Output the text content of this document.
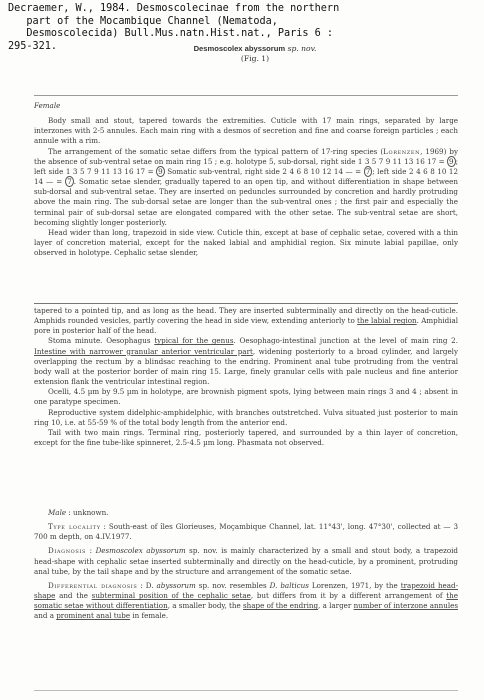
Decraemer, W., 1984. Desmoscolecinae from the northern
part of the Mocambique Channel (Nematoda,
Desmoscolecida) Bull.Mus.natn.Hist.nat., Paris 6 :
295-321.	Desmoscolex abyssorum sp. nov.
(Fig. 1)

Female

Body small and stout, tapered towards the extremities. Cuticle with 17 main rings, separated by large interzones with 2-5 annules. Each main ring with a desmos of secretion and fine and coarse foreign particles ; each annule with a rim.

The arrangement of the somatic setae differs from the typical pattern of 17-ring species (Lorenzen, 1969) by the absence of sub-ventral setae on main ring 15 ; e.g. holotype 5, sub-dorsal, right side 1 3 5 7 9 11 13 16 17 = 9 ; left side 1 3 5 7 9 11 13 16 17 = 9 Somatic sub-ventral, right side 2 4 6 8 10 12 14 — = 7 ; left side 2 4 6 8 10 12 14 — = 7 . Somatic setae slender, gradually tapered to an open tip, and without differentiation in shape between sub-dorsal and sub-ventral setae. They are inserted on peduncles surrounded by concretion and hardly protruding above the main ring. The sub-dorsal setae are longer than the sub-ventral ones ; the first pair and especially the terminal pair of sub-dorsal setae are elongated compared with the other setae. The sub-ventral setae are short, becoming slightly longer posteriorly.

Head wider than long, trapezoid in side view. Cuticle thin, except at base of cephalic setae, covered with a thin layer of concretion material, except for the naked labial and amphidial region. Six minute labial papillae, only observed in holotype. Cephalic setae slender,

tapered to a pointed tip, and as long as the head. They are inserted subterminally and directly on the head-cuticle. Amphids rounded vesicles, partly covering the head in side view, extending anteriorly to the labial region. Amphidial pore in posterior half of the head.

Stoma minute. Oesophagus typical for the genus. Oesophago-intestinal junction at the level of main ring 2. Intestine with narrower granular anterior ventricular part, widening posteriorly to a broad cylinder, and largely overlapping the rectum by a blindsac reaching to the endring. Prominent anal tube protruding from the ventral body wall at the posterior border of main ring 15. Large, finely granular cells with pale nucleus and fine anterior extension flank the ventricular intestinal region.

Ocelli, 4.5 µm by 9.5 µm in holotype, are brownish pigment spots, lying between main rings 3 and 4 ; absent in one paratype specimen.

Reproductive system didelphic-amphidelphic, with branches outstretched. Vulva situated just posterior to main ring 10, i.e. at 55-59 % of the total body length from the anterior end.

Tail with two main rings. Terminal ring, posteriorly tapered, and surrounded by a thin layer of concretion, except for the fine tube-like spinneret, 2.5-4.5 µm long. Phasmata not observed.

Male : unknown.

Type locality : South-east of îles Glorieuses, Moçambique Channel, lat. 11°43', long. 47°30', collected at — 3 700 m depth, on 4.IV.1977.

Diagnosis : Desmoscolex abyssorum sp. nov. is mainly characterized by a small and stout body, a trapezoid head-shape with cephalic setae inserted subterminally and directly on the head-cuticle, by a prominent, protruding anal tube, by the tail shape and by the structure and arrangement of the somatic setae.

Differential diagnosis : D. abyssorum sp. nov. resembles D. balticus Lorenzen, 1971, by the trapezoid head-shape and the subterminal position of the cephalic setae, but differs from it by a different arrangement of the somatic setae without differentiation, a smaller body, the shape of the endring, a larger number of interzone annules and a prominent anal tube in female.
